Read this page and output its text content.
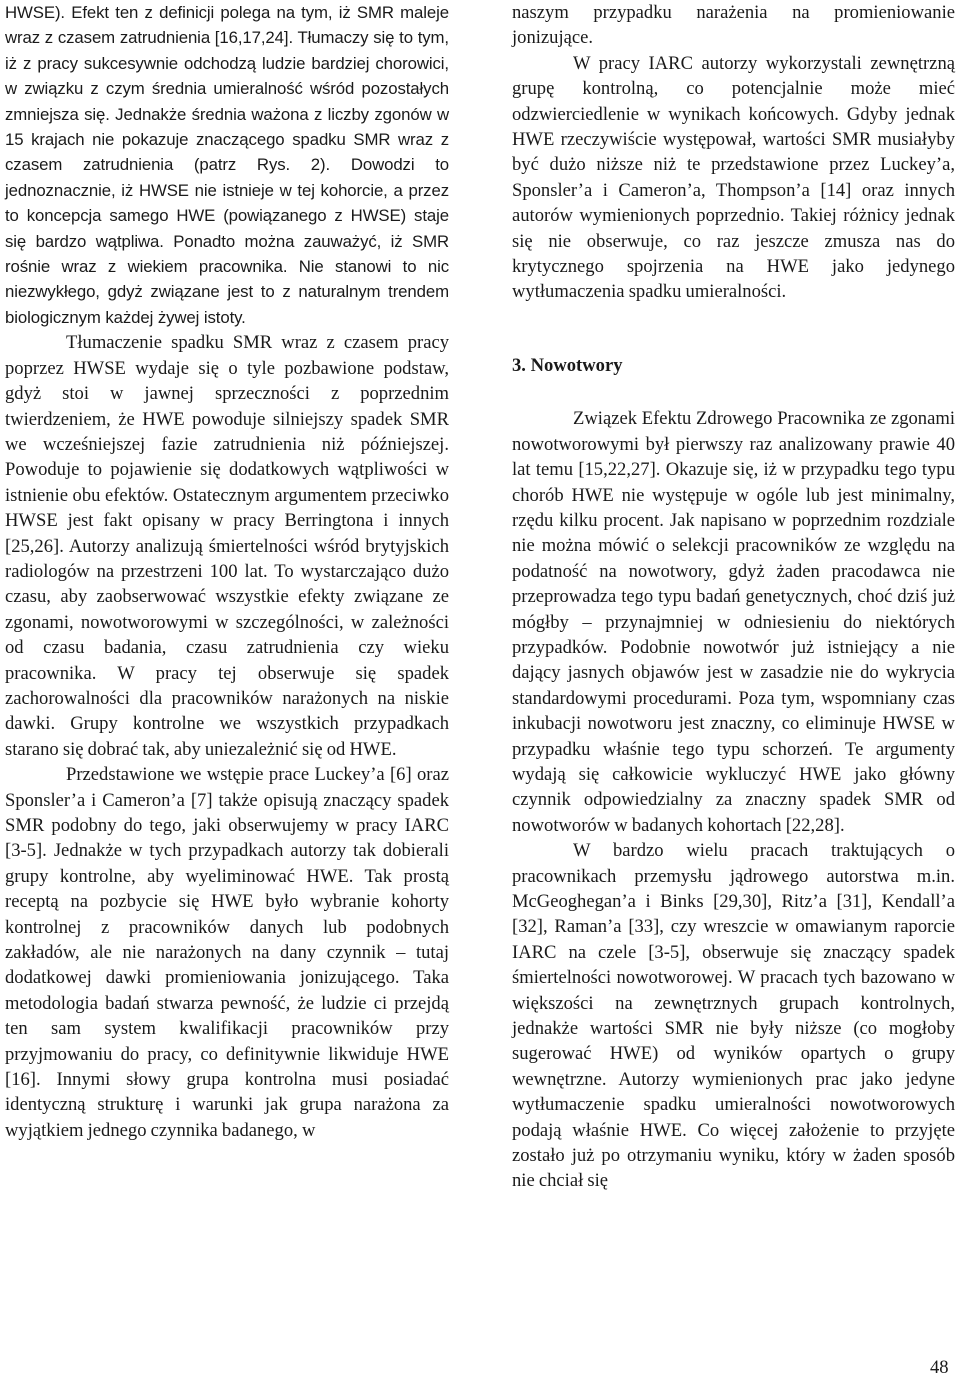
HWSE). Efekt ten z definicji polega na tym, iż SMR maleje wraz z czasem zatrudnienia [16,17,24]. Tłumaczy się to tym, iż z pracy sukcesywnie odchodzą ludzie bardziej chorowici, w związku z czym średnia umieralność wśród pozostałych zmniejsza się. Jednakże średnia ważona z liczby zgonów w 15 krajach nie pokazuje znaczącego spadku SMR wraz z czasem zatrudnienia (patrz Rys. 2). Dowodzi to jednoznacznie, iż HWSE nie istnieje w tej kohorcie, a przez to koncepcja samego HWE (powiązanego z HWSE) staje się bardzo wątpliwa. Ponadto można zauważyć, iż SMR rośnie wraz z wiekiem pracownika. Nie stanowi to nic niezwykłego, gdyż związane jest to z naturalnym trendem biologicznym każdej żywej istoty.

Tłumaczenie spadku SMR wraz z czasem pracy poprzez HWSE wydaje się o tyle pozbawione podstaw, gdyż stoi w jawnej sprzeczności z poprzednim twierdzeniem, że HWE powoduje silniejszy spadek SMR we wcześniejszej fazie zatrudnienia niż późniejszej. Powoduje to pojawienie się dodatkowych wątpliwości w istnienie obu efektów. Ostatecznym argumentem przeciwko HWSE jest fakt opisany w pracy Berringtona i innych [25,26]. Autorzy analizują śmiertelności wśród brytyjskich radiologów na przestrzeni 100 lat. To wystarczająco dużo czasu, aby zaobserwować wszystkie efekty związane ze zgonami, nowotworowymi w szczególności, w zależności od czasu badania, czasu zatrudnienia czy wieku pracownika. W pracy tej obserwuje się spadek zachorowalności dla pracowników narażonych na niskie dawki. Grupy kontrolne we wszystkich przypadkach starano się dobrać tak, aby uniezależnić się od HWE.

Przedstawione we wstępie prace Luckey’a [6] oraz Sponsler’a i Cameron’a [7] także opisują znaczący spadek SMR podobny do tego, jaki obserwujemy w pracy IARC [3-5]. Jednakże w tych przypadkach autorzy tak dobierali grupy kontrolne, aby wyeliminować HWE. Tak prostą receptą na pozbycie się HWE było wybranie kohorty kontrolnej z pracowników danych lub podobnych zakładów, ale nie narażonych na dany czynnik – tutaj dodatkowej dawki promieniowania jonizującego. Taka metodologia badań stwarza pewność, że ludzie ci przejdą ten sam system kwalifikacji pracowników przy przyjmowaniu do pracy, co definitywnie likwiduje HWE [16]. Innymi słowy grupa kontrolna musi posiadać identyczną strukturę i warunki jak grupa narażona za wyjątkiem jednego czynnika badanego, w

naszym przypadku narażenia na promieniowanie jonizujące.

W pracy IARC autorzy wykorzystali zewnętrzną grupę kontrolną, co potencjalnie może mieć odzwierciedlenie w wynikach końcowych. Gdyby jednak HWE rzeczywiście występował, wartości SMR musiałyby być dużo niższe niż te przedstawione przez Luckey’a, Sponsler’a i Cameron’a, Thompson’a [14] oraz innych autorów wymienionych poprzednio. Takiej różnicy jednak się nie obserwuje, co raz jeszcze zmusza nas do krytycznego spojrzenia na HWE jako jedynego wytłumaczenia spadku umieralności.

3. Nowotwory

Związek Efektu Zdrowego Pracownika ze zgonami nowotworowymi był pierwszy raz analizowany prawie 40 lat temu [15,22,27]. Okazuje się, iż w przypadku tego typu chorób HWE nie występuje w ogóle lub jest minimalny, rzędu kilku procent. Jak napisano w poprzednim rozdziale nie można mówić o selekcji pracowników ze względu na podatność na nowotwory, gdyż żaden pracodawca nie przeprowadza tego typu badań genetycznych, choć dziś już mógłby – przynajmniej w odniesieniu do niektórych przypadków. Podobnie nowotwór już istniejący a nie dający jasnych objawów jest w zasadzie nie do wykrycia standardowymi procedurami. Poza tym, wspomniany czas inkubacji nowotworu jest znaczny, co eliminuje HWSE w przypadku właśnie tego typu schorzeń. Te argumenty wydają się całkowicie wykluczyć HWE jako główny czynnik odpowiedzialny za znaczny spadek SMR od nowotworów w badanych kohortach [22,28].

W bardzo wielu pracach traktujących o pracownikach przemysłu jądrowego autorstwa m.in. McGeoghegan’a i Binks [29,30], Ritz’a [31], Kendall’a [32], Raman’a [33], czy wreszcie w omawianym raporcie IARC na czele [3-5], obserwuje się znaczący spadek śmiertelności nowotworowej. W pracach tych bazowano w większości na zewnętrznych grupach kontrolnych, jednakże wartości SMR nie były niższe (co mogłoby sugerować HWE) od wyników opartych o grupy wewnętrzne. Autorzy wymienionych prac jako jedyne wytłumaczenie spadku umieralności nowotworowych podają właśnie HWE. Co więcej założenie to przyjęte zostało już po otrzymaniu wyniku, który w żaden sposób nie chciał się

48
